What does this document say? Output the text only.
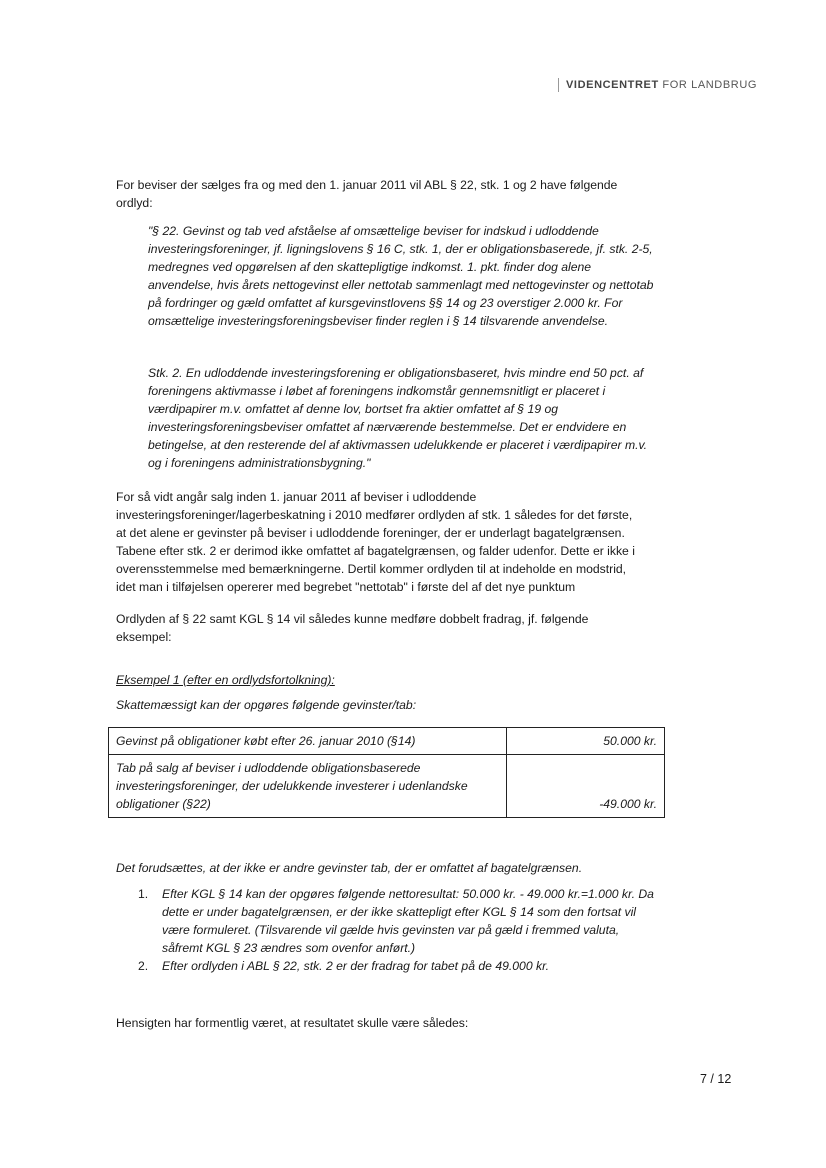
VIDENCENTRET FOR LANDBRUG

For beviser der sælges fra og med den 1. januar 2011 vil ABL § 22, stk. 1 og 2 have følgende ordlyd:

"§ 22. Gevinst og tab ved afståelse af omsættelige beviser for indskud i udloddende investeringsforeninger, jf. ligningslovens § 16 C, stk. 1, der er obligationsbaserede, jf. stk. 2-5, medregnes ved opgørelsen af den skattepligtige indkomst. 1. pkt. finder dog alene anvendelse, hvis årets nettogevinst eller nettotab sammenlagt med nettogevinster og nettotab på fordringer og gæld omfattet af kursgevinstlovens §§ 14 og 23 overstiger 2.000 kr. For omsættelige investeringsforeningsbeviser finder reglen i § 14 tilsvarende anvendelse.

Stk. 2. En udloddende investeringsforening er obligationsbaseret, hvis mindre end 50 pct. af foreningens aktivmasse i løbet af foreningens indkomstår gennemsnitligt er placeret i værdipapirer m.v. omfattet af denne lov, bortset fra aktier omfattet af § 19 og investeringsforeningsbeviser omfattet af nærværende bestemmelse. Det er endvidere en betingelse, at den resterende del af aktivmassen udelukkende er placeret i værdipapirer m.v. og i foreningens administrationsbygning."

For så vidt angår salg inden 1. januar 2011 af beviser i udloddende investeringsforeninger/lagerbeskatning i 2010 medfører ordlyden af stk. 1 således for det første, at det alene er gevinster på beviser i udloddende foreninger, der er underlagt bagatelgrænsen. Tabene efter stk. 2 er derimod ikke omfattet af bagatelgrænsen, og falder udenfor. Dette er ikke i overensstemmelse med bemærkningerne. Dertil kommer ordlyden til at indeholde en modstrid, idet man i tilføjelsen opererer med begrebet "nettotab" i første del af det nye punktum

Ordlyden af § 22 samt KGL § 14 vil således kunne medføre dobbelt fradrag, jf. følgende eksempel:

Eksempel 1 (efter en ordlydsfortolkning):

Skattemæssigt kan der opgøres følgende gevinster/tab:

Gevinst på obligationer købt efter 26. januar 2010 (§14)	50.000 kr.
Tab på salg af beviser i udloddende obligationsbaserede investeringsforeninger, der udelukkende investerer i udenlandske obligationer (§22)	-49.000 kr.

Det forudsættes, at der ikke er andre gevinster tab, der er omfattet af bagatelgrænsen.

1. Efter KGL § 14 kan der opgøres følgende nettoresultat: 50.000 kr. - 49.000 kr.=1.000 kr. Da dette er under bagatelgrænsen, er der ikke skattepligt efter KGL § 14 som den fortsat vil være formuleret. (Tilsvarende vil gælde hvis gevinsten var på gæld i fremmed valuta, såfremt KGL § 23 ændres som ovenfor anført.)
2. Efter ordlyden i ABL § 22, stk. 2 er der fradrag for tabet på de 49.000 kr.

Hensigten har formentlig været, at resultatet skulle være således:

7 / 12
